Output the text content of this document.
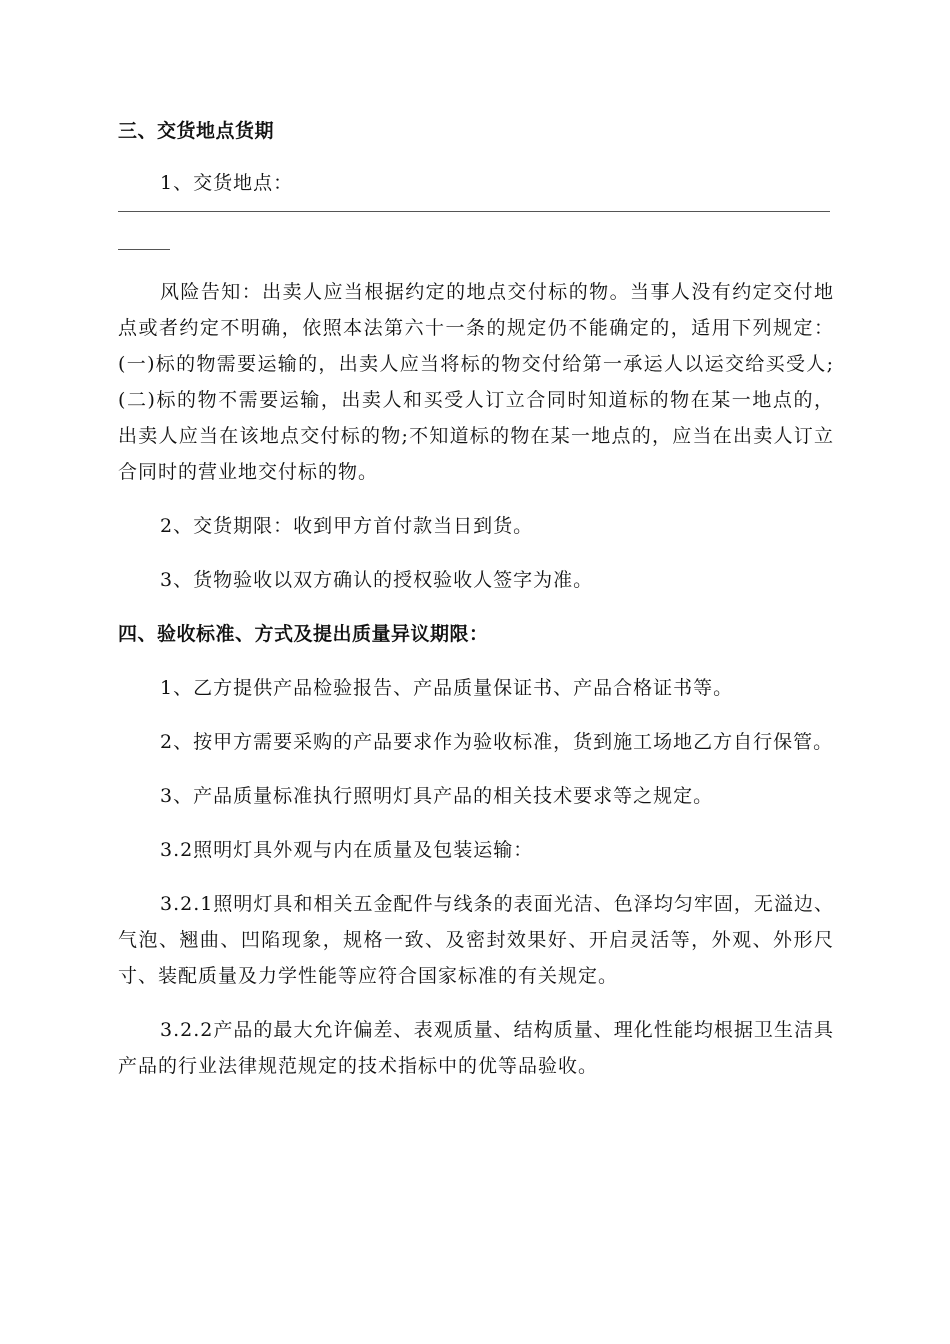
三、交货地点货期

1、交货地点：

风险告知：出卖人应当根据约定的地点交付标的物。当事人没有约定交付地点或者约定不明确，依照本法第六十一条的规定仍不能确定的，适用下列规定：(一)标的物需要运输的，出卖人应当将标的物交付给第一承运人以运交给买受人;(二)标的物不需要运输，出卖人和买受人订立合同时知道标的物在某一地点的，出卖人应当在该地点交付标的物;不知道标的物在某一地点的，应当在出卖人订立合同时的营业地交付标的物。

2、交货期限：收到甲方首付款当日到货。

3、货物验收以双方确认的授权验收人签字为准。

四、验收标准、方式及提出质量异议期限：

1、乙方提供产品检验报告、产品质量保证书、产品合格证书等。

2、按甲方需要采购的产品要求作为验收标准，货到施工场地乙方自行保管。

3、产品质量标准执行照明灯具产品的相关技术要求等之规定。

3.2照明灯具外观与内在质量及包装运输：

3.2.1照明灯具和相关五金配件与线条的表面光洁、色泽均匀牢固，无溢边、气泡、翘曲、凹陷现象，规格一致、及密封效果好、开启灵活等，外观、外形尺寸、装配质量及力学性能等应符合国家标准的有关规定。

3.2.2产品的最大允许偏差、表观质量、结构质量、理化性能均根据卫生洁具产品的行业法律规范规定的技术指标中的优等品验收。
